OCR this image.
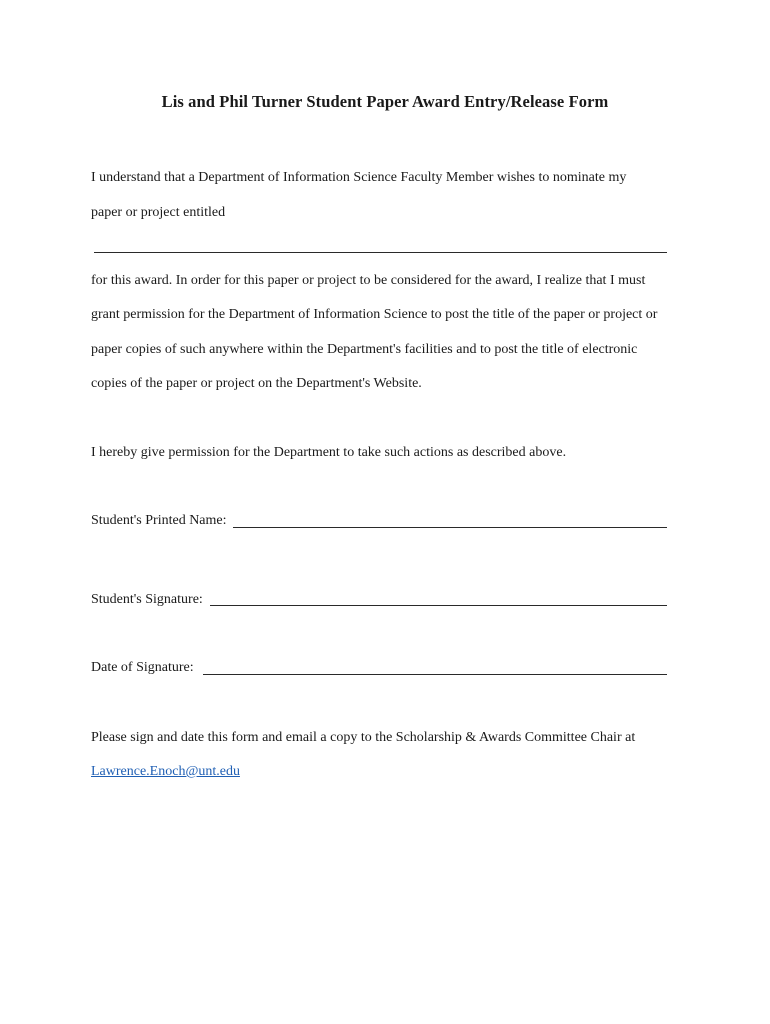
Lis and Phil Turner Student Paper Award Entry/Release Form
I understand that a Department of Information Science Faculty Member wishes to nominate my
paper or project entitled
for this award. In order for this paper or project to be considered for the award, I realize that I must
grant permission for the Department of Information Science to post the title of the paper or project or
paper copies of such anywhere within the Department's facilities and to post the title of electronic
copies of the paper or project on the Department's Website.
I hereby give permission for the Department to take such actions as described above.
Student's Printed Name:
Student's Signature:
Date of Signature:
Please sign and date this form and email a copy to the Scholarship & Awards Committee Chair at
Lawrence.Enoch@unt.edu
